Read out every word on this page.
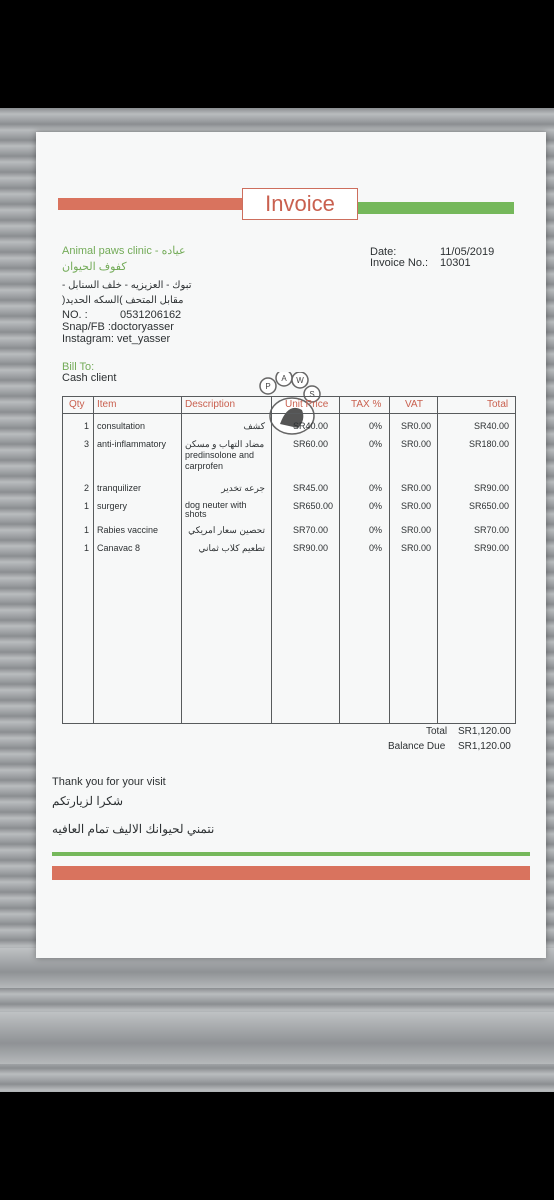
Invoice
Animal paws clinic - عياده
كفوف الحيوان
تبوك - العزيزيه - خلف السنابل -
مقابل المتحف )السكه الحديد(
NO. :	0531206162
Snap/FB :doctoryasser
Instagram: vet_yasser
P
A W
S
Date:	11/05/2019
Invoice No.: 10301
Bill To:
Cash client
Qty Item	Description	Unit Price TAX % VAT	Total
1 consultation	كشف	SR40.00	0% SR0.00	SR40.00
3 anti-inflammatory	مضاد التهاب و مسكن
predinsolone and
carprofen
SR60.00	0% SR0.00	SR180.00
2 tranquilizer	جرعه تخدير	SR45.00	0% SR0.00	SR90.00
1 surgery	dog neuter with
shots
SR650.00	0% SR0.00	SR650.00
1 Rabies vaccine	تحصين سعار امريكي	SR70.00	0% SR0.00	SR70.00
1 Canavac 8	تطعيم كلاب ثماني	SR90.00	0% SR0.00	SR90.00
Total SR1,120.00
Balance Due SR1,120.00
Thank you for your visit
شكرا لزيارتكم
نتمني لحيوانك الاليف تمام العافيه
